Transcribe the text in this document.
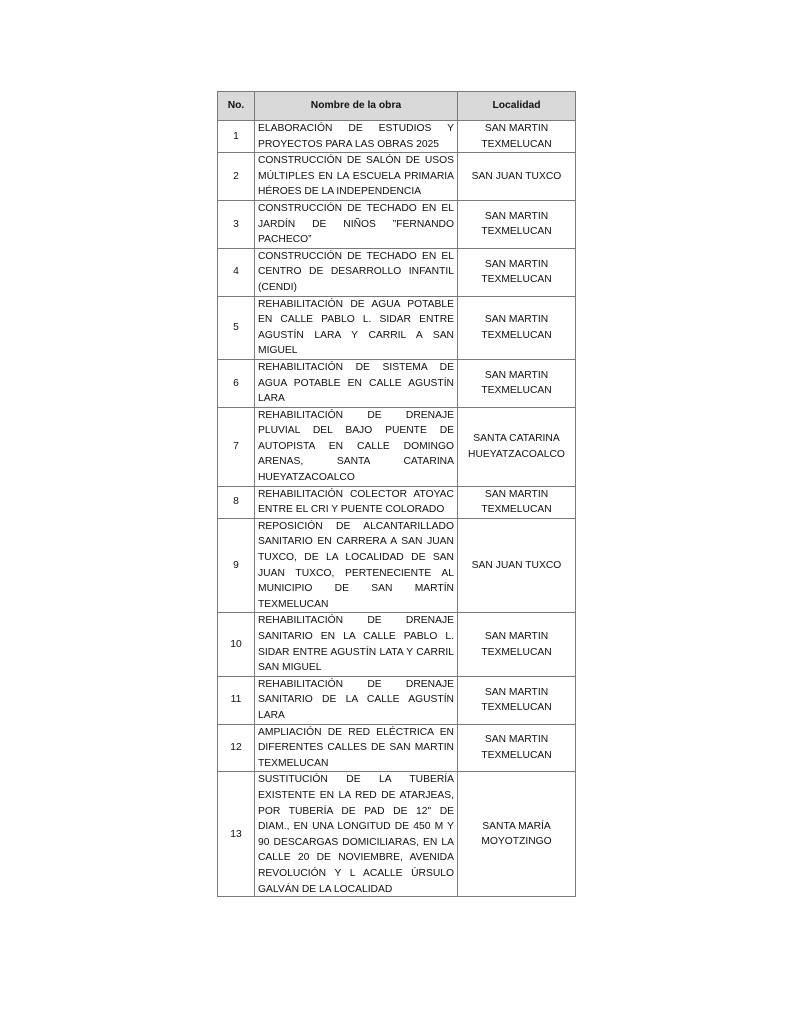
No.	Nombre de la obra	Localidad
1	ELABORACIÓN DE ESTUDIOS Y PROYECTOS PARA LAS OBRAS 2025	SAN MARTIN TEXMELUCAN
2	CONSTRUCCIÓN DE SALÓN DE USOS MÚLTIPLES EN LA ESCUELA PRIMARIA HÉROES DE LA INDEPENDENCIA	SAN JUAN TUXCO
3	CONSTRUCCIÓN DE TECHADO EN EL JARDÍN DE NIÑOS ”FERNANDO PACHECO”	SAN MARTIN TEXMELUCAN
4	CONSTRUCCIÓN DE TECHADO EN EL CENTRO DE DESARROLLO INFANTIL (CENDI)	SAN MARTIN TEXMELUCAN
5	REHABILITACIÓN DE AGUA POTABLE EN CALLE PABLO L. SIDAR ENTRE AGUSTÍN LARA Y CARRIL A SAN MIGUEL	SAN MARTIN TEXMELUCAN
6	REHABILITACIÓN DE SISTEMA DE AGUA POTABLE EN CALLE AGUSTÍN LARA	SAN MARTIN TEXMELUCAN
7	REHABILITACIÓN DE DRENAJE PLUVIAL DEL BAJO PUENTE DE AUTOPISTA EN CALLE DOMINGO ARENAS, SANTA CATARINA HUEYATZACOALCO	SANTA CATARINA HUEYATZACOALCO
8	REHABILITACIÓN COLECTOR ATOYAC ENTRE EL CRI Y PUENTE COLORADO	SAN MARTIN TEXMELUCAN
9	REPOSICIÓN DE ALCANTARILLADO SANITARIO EN CARRERA A SAN JUAN TUXCO, DE LA LOCALIDAD DE SAN JUAN TUXCO, PERTENECIENTE AL MUNICIPIO DE SAN MARTÍN TEXMELUCAN	SAN JUAN TUXCO
10	REHABILITACIÓN DE DRENAJE SANITARIO EN LA CALLE PABLO L. SIDAR ENTRE AGUSTÍN LATA Y CARRIL SAN MIGUEL	SAN MARTIN TEXMELUCAN
11	REHABILITACIÓN DE DRENAJE SANITARIO DE LA CALLE AGUSTÍN LARA	SAN MARTIN TEXMELUCAN
12	AMPLIACIÓN DE RED ELÉCTRICA EN DIFERENTES CALLES DE SAN MARTIN TEXMELUCAN	SAN MARTIN TEXMELUCAN
13	SUSTITUCIÓN DE LA TUBERÍA EXISTENTE EN LA RED DE ATARJEAS, POR TUBERÍA DE PAD DE 12" DE DIAM., EN UNA LONGITUD DE 450 M Y 90 DESCARGAS DOMICILIARAS, EN LA CALLE 20 DE NOVIEMBRE, AVENIDA REVOLUCIÓN Y L ACALLE ÚRSULO GALVÁN DE LA LOCALIDAD	SANTA MARÍA MOYOTZINGO
